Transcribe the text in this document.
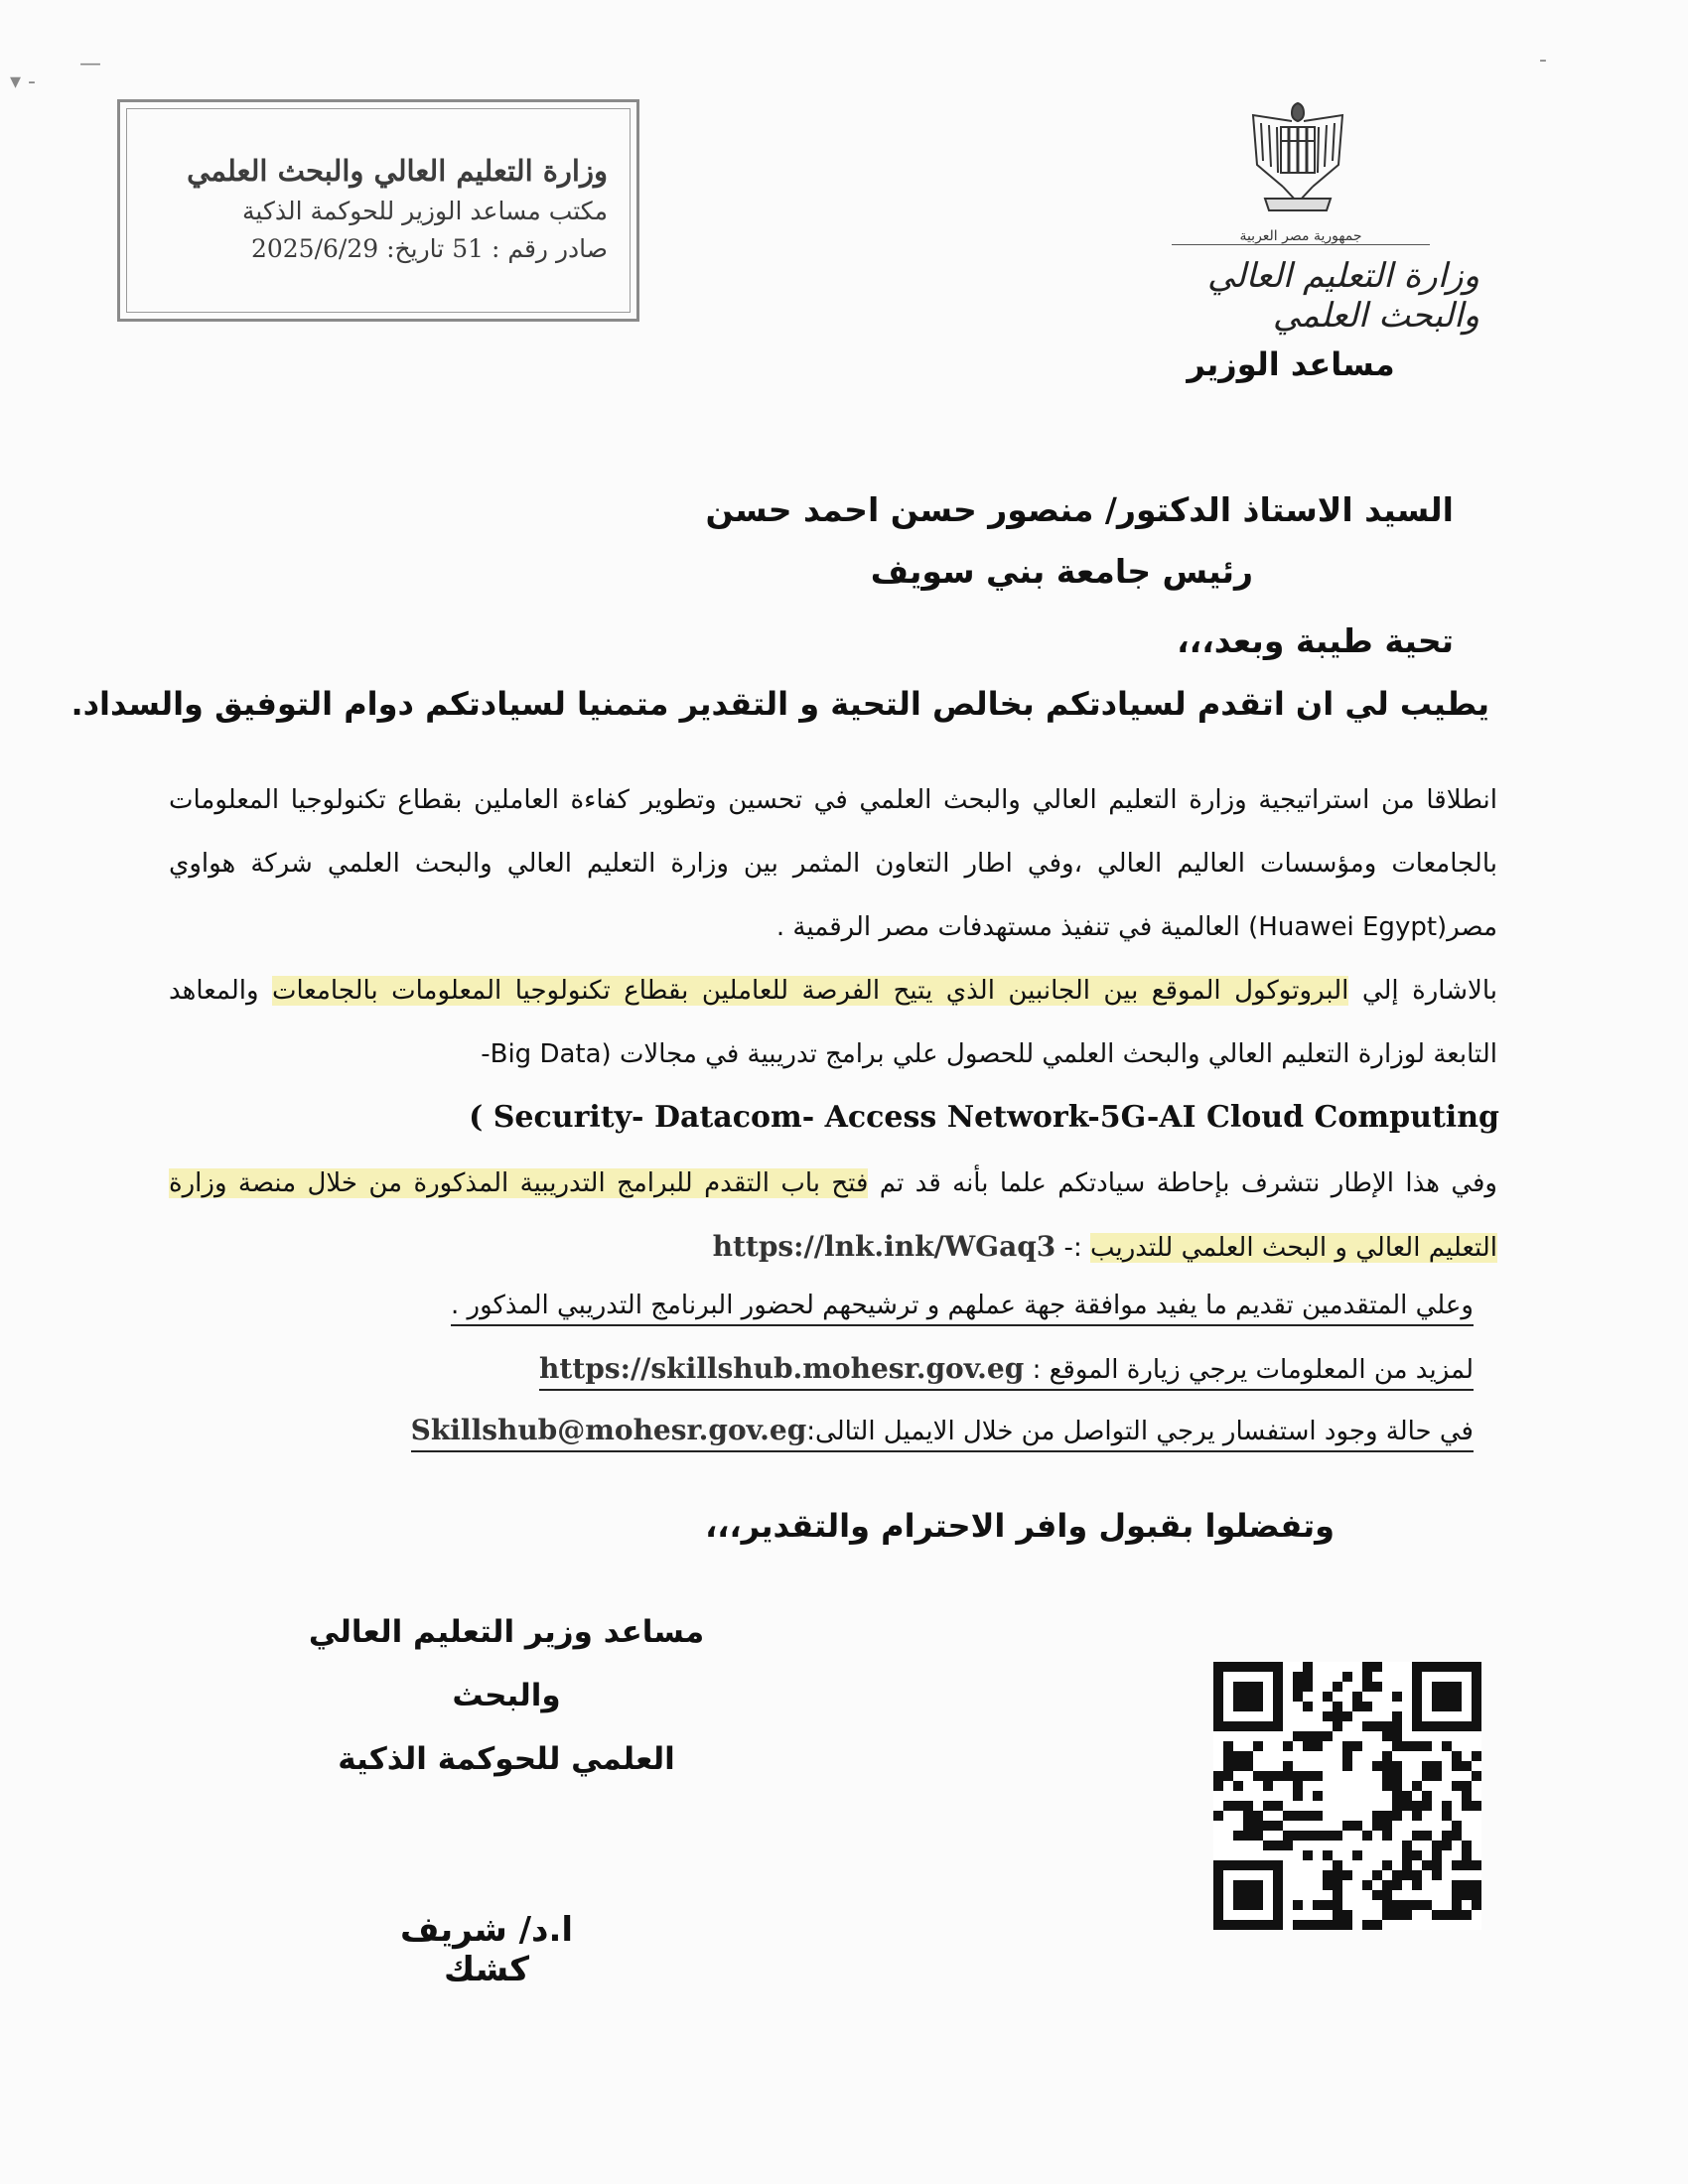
▾ -
—	-
وزارة التعليم العالي والبحث العلمي
مكتب مساعد الوزير للحوكمة الذكية
صادر رقم : 51 تاريخ: 2025/6/29	جمهورية مصر العربية
وزارة التعليم العالي والبحث العلمي
مساعد الوزير
السيد الاستاذ الدكتور/ منصور حسن احمد حسن
رئيس جامعة بني سويف
تحية طيبة وبعد،،،
يطيب لي ان اتقدم لسيادتكم بخالص التحية و التقدير متمنيا لسيادتكم دوام التوفيق والسداد.
انطلاقا من استراتيجية وزارة التعليم العالي والبحث العلمي في تحسين وتطوير كفاءة العاملين بقطاع تكنولوجيا المعلومات بالجامعات ومؤسسات العاليم العالي ،وفي اطار التعاون المثمر بين وزارة التعليم العالي والبحث العلمي شركة هواوي مصر(Huawei Egypt) العالمية في تنفيذ مستهدفات مصر الرقمية .
بالاشارة إلي البروتوكول الموقع بين الجانبين الذي يتيح الفرصة للعاملين بقطاع تكنولوجيا المعلومات بالجامعات والمعاهد التابعة لوزارة التعليم العالي والبحث العلمي للحصول علي برامج تدريبية في مجالات (Big Data-
( Security- Datacom- Access Network-5G-AI Cloud Computing
وفي هذا الإطار نتشرف بإحاطة سيادتكم علما بأنه قد تم فتح باب التقدم للبرامج التدريبية المذكورة من خلال منصة وزارة التعليم العالي و البحث العلمي للتدريب :- https://lnk.ink/WGaq3
وعلي المتقدمين تقديم ما يفيد موافقة جهة عملهم و ترشيحهم لحضور البرنامج التدريبي المذكور .
لمزيد من المعلومات يرجي زيارة الموقع : https://skillshub.mohesr.gov.eg
في حالة وجود استفسار يرجي التواصل من خلال الايميل التالى:Skillshub@mohesr.gov.eg
وتفضلوا بقبول وافر الاحترام والتقدير،،،
مساعد وزير التعليم العالي والبحث
العلمي للحوكمة الذكية
ا.د/ شريف كشك
